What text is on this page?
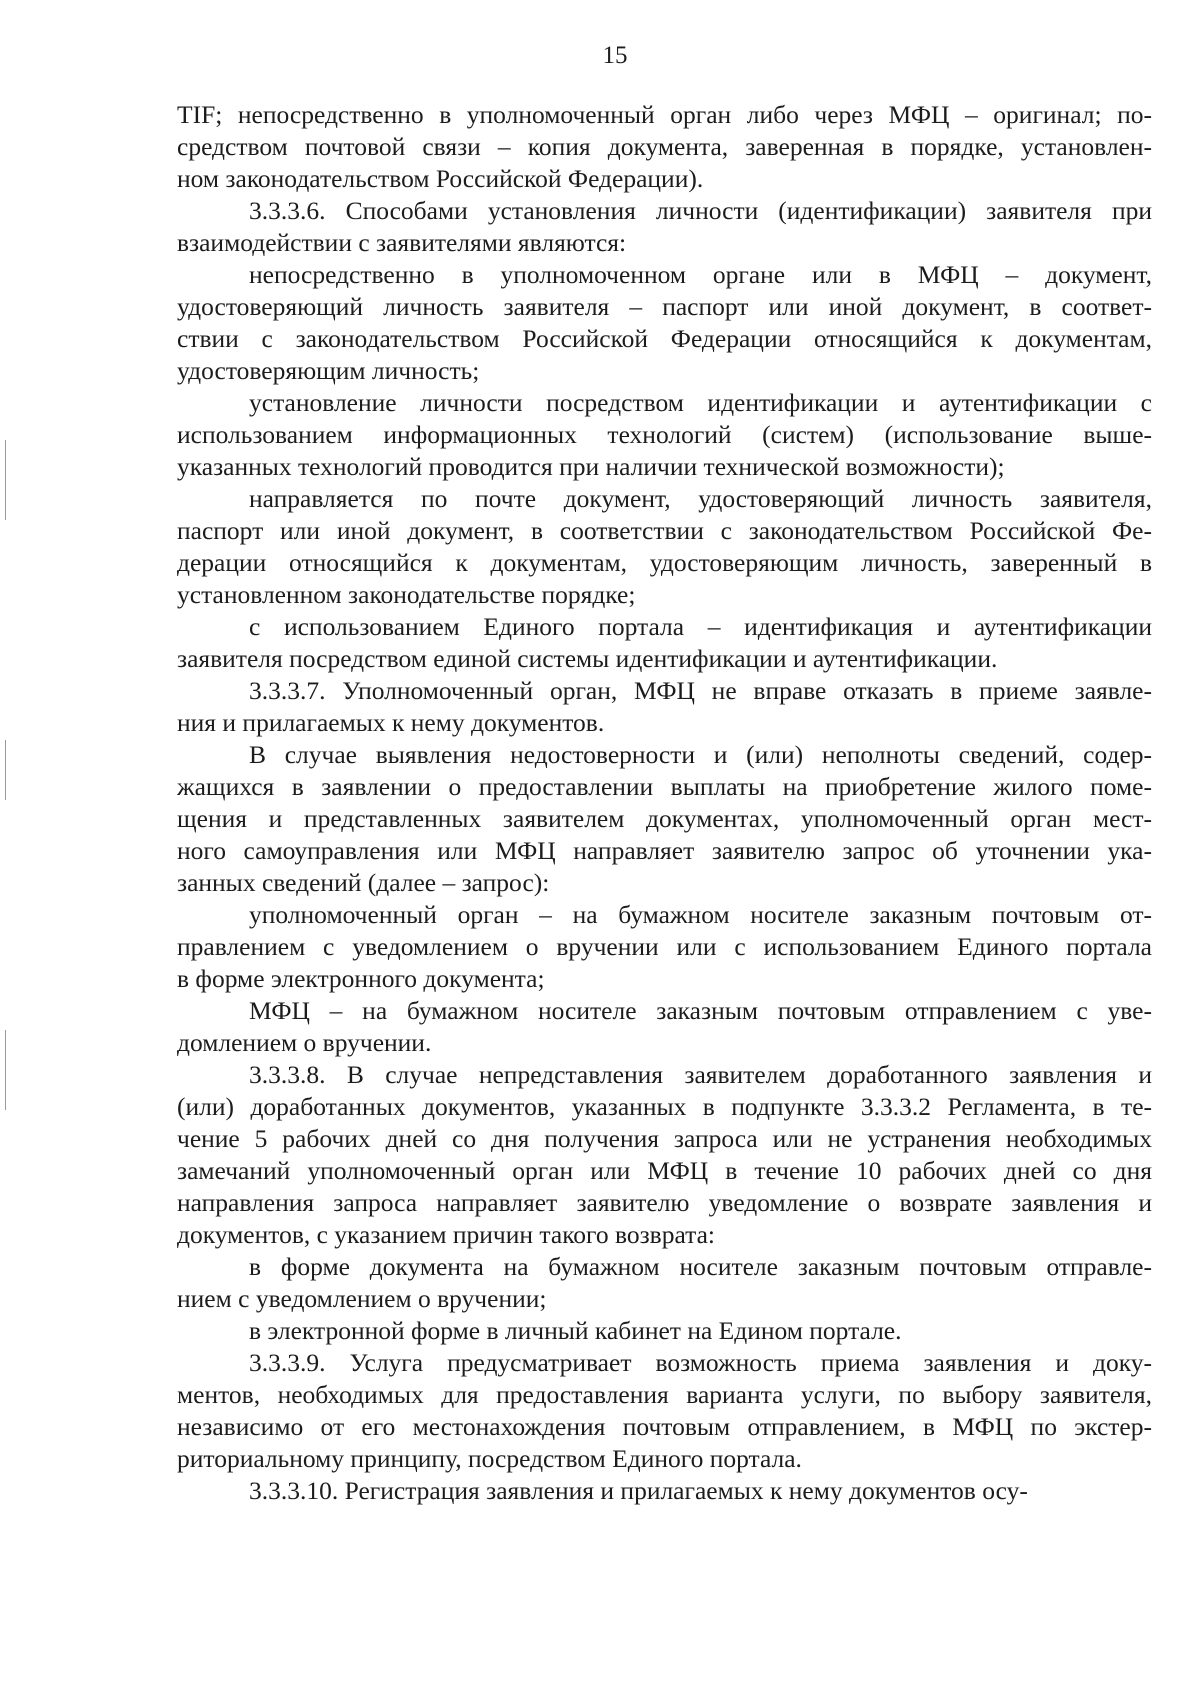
15
TIF; непосредственно в уполномоченный орган либо через МФЦ – оригинал; по-
средством почтовой связи – копия документа, заверенная в порядке, установлен-
ном законодательством Российской Федерации).
3.3.3.6. Способами установления личности (идентификации) заявителя при
взаимодействии с заявителями являются:
непосредственно в уполномоченном органе или в МФЦ – документ,
удостоверяющий личность заявителя – паспорт или иной документ, в соответ-
ствии с законодательством Российской Федерации относящийся к документам,
удостоверяющим личность;
установление личности посредством идентификации и аутентификации с
использованием информационных технологий (систем) (использование выше-
указанных технологий проводится при наличии технической возможности);
направляется по почте документ, удостоверяющий личность заявителя,
паспорт или иной документ, в соответствии с законодательством Российской Фе-
дерации относящийся к документам, удостоверяющим личность, заверенный в
установленном законодательстве порядке;
с использованием Единого портала – идентификация и аутентификации
заявителя посредством единой системы идентификации и аутентификации.
3.3.3.7. Уполномоченный орган, МФЦ не вправе отказать в приеме заявле-
ния и прилагаемых к нему документов.
В случае выявления недостоверности и (или) неполноты сведений, содер-
жащихся в заявлении о предоставлении выплаты на приобретение жилого поме-
щения и представленных заявителем документах, уполномоченный орган мест-
ного самоуправления или МФЦ направляет заявителю запрос об уточнении ука-
занных сведений (далее – запрос):
уполномоченный орган – на бумажном носителе заказным почтовым от-
правлением с уведомлением о вручении или с использованием Единого портала
в форме электронного документа;
МФЦ – на бумажном носителе заказным почтовым отправлением с уве-
домлением о вручении.
3.3.3.8. В случае непредставления заявителем доработанного заявления и
(или) доработанных документов, указанных в подпункте 3.3.3.2 Регламента, в те-
чение 5 рабочих дней со дня получения запроса или не устранения необходимых
замечаний уполномоченный орган или МФЦ в течение 10 рабочих дней со дня
направления запроса направляет заявителю уведомление о возврате заявления и
документов, с указанием причин такого возврата:
в форме документа на бумажном носителе заказным почтовым отправле-
нием с уведомлением о вручении;
в электронной форме в личный кабинет на Едином портале.
3.3.3.9. Услуга предусматривает возможность приема заявления и доку-
ментов, необходимых для предоставления варианта услуги, по выбору заявителя,
независимо от его местонахождения почтовым отправлением, в МФЦ по экстер-
риториальному принципу, посредством Единого портала.
3.3.3.10. Регистрация заявления и прилагаемых к нему документов осу-
